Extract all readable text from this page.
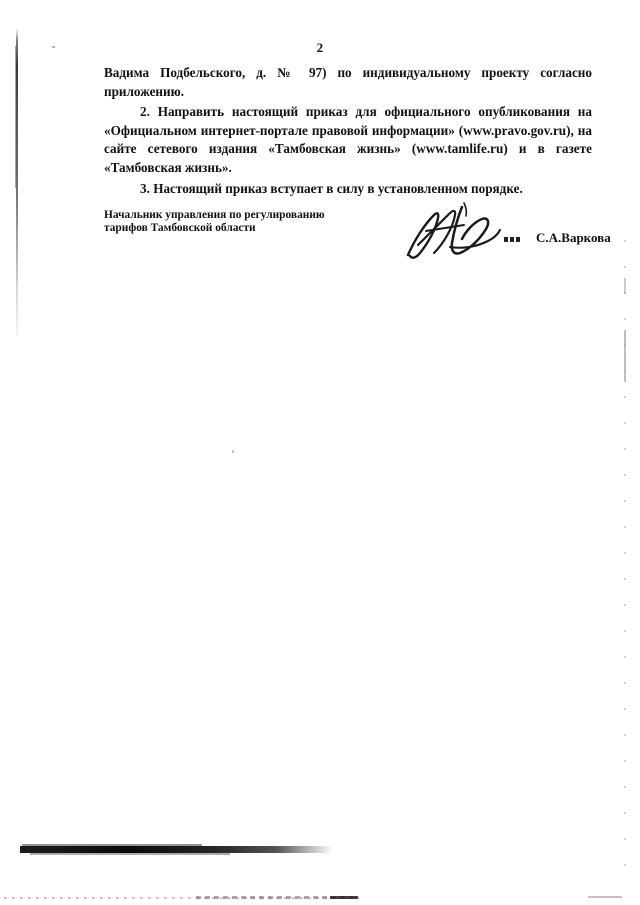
2

Вадима Подбельского, д. № 97) по индивидуальному проекту согласно приложению.

2. Направить настоящий приказ для официального опубликования на «Официальном интернет-портале правовой информации» (www.pravo.gov.ru), на сайте сетевого издания «Тамбовская жизнь» (www.tamlife.ru) и в газете «Тамбовская жизнь».

3. Настоящий приказ вступает в силу в установленном порядке.

Начальник управления по регулированию
тарифов Тамбовской области
С.А.Варкова
